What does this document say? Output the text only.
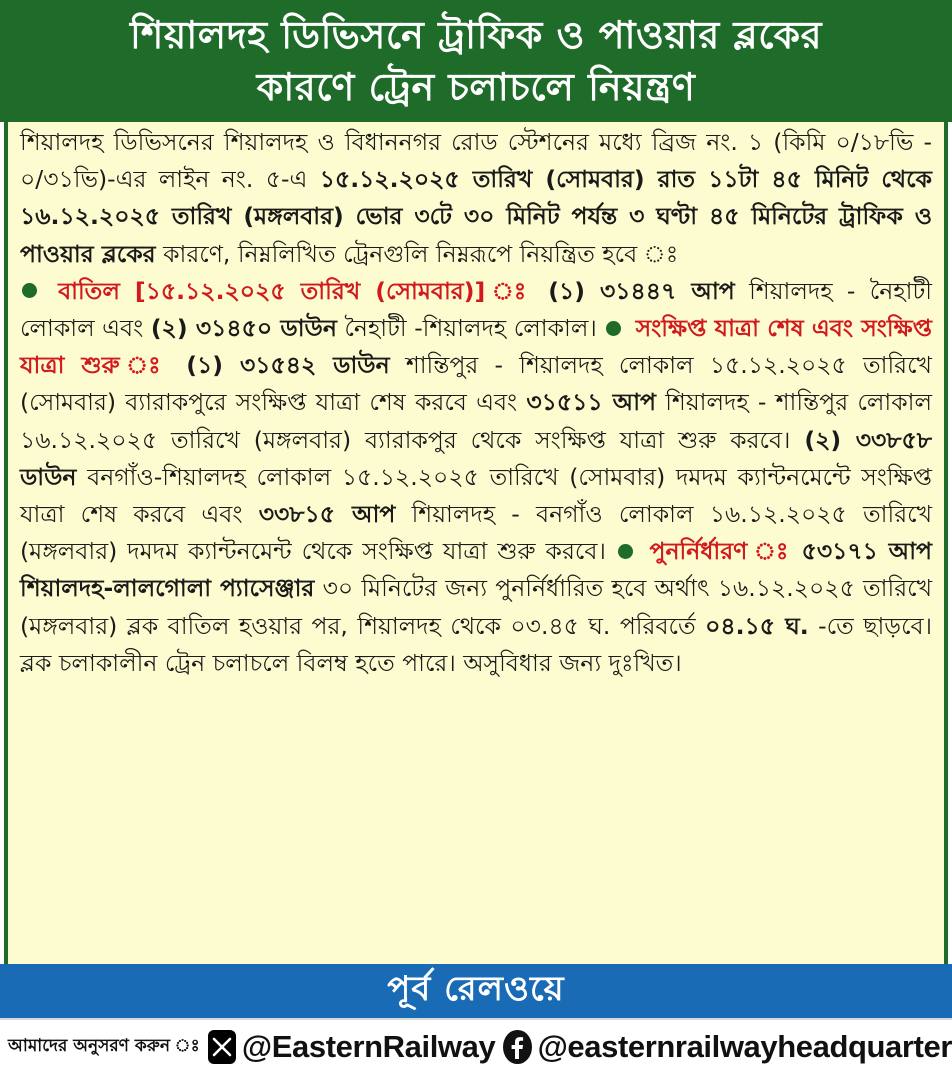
শিয়ালদহ ডিভিসনে ট্রাফিক ও পাওয়ার ব্লকের
কারণে ট্রেন চলাচলে নিয়ন্ত্রণ

শিয়ালদহ ডিভিসনের শিয়ালদহ ও বিধাননগর রোড স্টেশনের মধ্যে ব্রিজ নং. ১ (কিমি ০/১৮ভি - ০/৩১ভি)-এর লাইন নং. ৫-এ ১৫.১২.২০২৫ তারিখ (সোমবার) রাত ১১টা ৪৫ মিনিট থেকে ১৬.১২.২০২৫ তারিখ (মঙ্গলবার) ভোর ৩টে ৩০ মিনিট পর্যন্ত ৩ ঘণ্টা ৪৫ মিনিটের ট্রাফিক ও পাওয়ার ব্লকের কারণে, নিম্নলিখিত ট্রেনগুলি নিম্নরূপে নিয়ন্ত্রিত হবে ঃ
বাতিল [১৫.১২.২০২৫ তারিখ (সোমবার)] ঃ (১) ৩১৪৪৭ আপ শিয়ালদহ - নৈহাটী লোকাল এবং (২) ৩১৪৫০ ডাউন নৈহাটী -শিয়ালদহ লোকাল।  সংক্ষিপ্ত যাত্রা শেষ এবং সংক্ষিপ্ত যাত্রা শুরু ঃ (১) ৩১৫৪২ ডাউন শান্তিপুর - শিয়ালদহ লোকাল ১৫.১২.২০২৫ তারিখে (সোমবার) ব্যারাকপুরে সংক্ষিপ্ত যাত্রা শেষ করবে এবং ৩১৫১১ আপ শিয়ালদহ - শান্তিপুর লোকাল ১৬.১২.২০২৫ তারিখে (মঙ্গলবার) ব্যারাকপুর থেকে সংক্ষিপ্ত যাত্রা শুরু করবে। (২) ৩৩৮৫৮ ডাউন বনগাঁও-শিয়ালদহ লোকাল ১৫.১২.২০২৫ তারিখে (সোমবার) দমদম ক্যান্টনমেন্টে সংক্ষিপ্ত যাত্রা শেষ করবে এবং ৩৩৮১৫ আপ শিয়ালদহ - বনগাঁও লোকাল ১৬.১২.২০২৫ তারিখে (মঙ্গলবার) দমদম ক্যান্টনমেন্ট থেকে সংক্ষিপ্ত যাত্রা শুরু করবে।  পুনর্নির্ধারণ ঃ ৫৩১৭১ আপ শিয়ালদহ-লালগোলা প্যাসেঞ্জার ৩০ মিনিটের জন্য পুনর্নির্ধারিত হবে অর্থাৎ ১৬.১২.২০২৫ তারিখে (মঙ্গলবার) ব্লক বাতিল হওয়ার পর, শিয়ালদহ থেকে ০৩.৪৫ ঘ. পরিবর্তে ০৪.১৫ ঘ. -তে ছাড়বে। ব্লক চলাকালীন ট্রেন চলাচলে বিলম্ব হতে পারে। অসুবিধার জন্য দুঃখিত।

পূর্ব রেলওয়ে
আমাদের অনুসরণ করুন ঃ @EasternRailway @easternrailwayheadquarter
